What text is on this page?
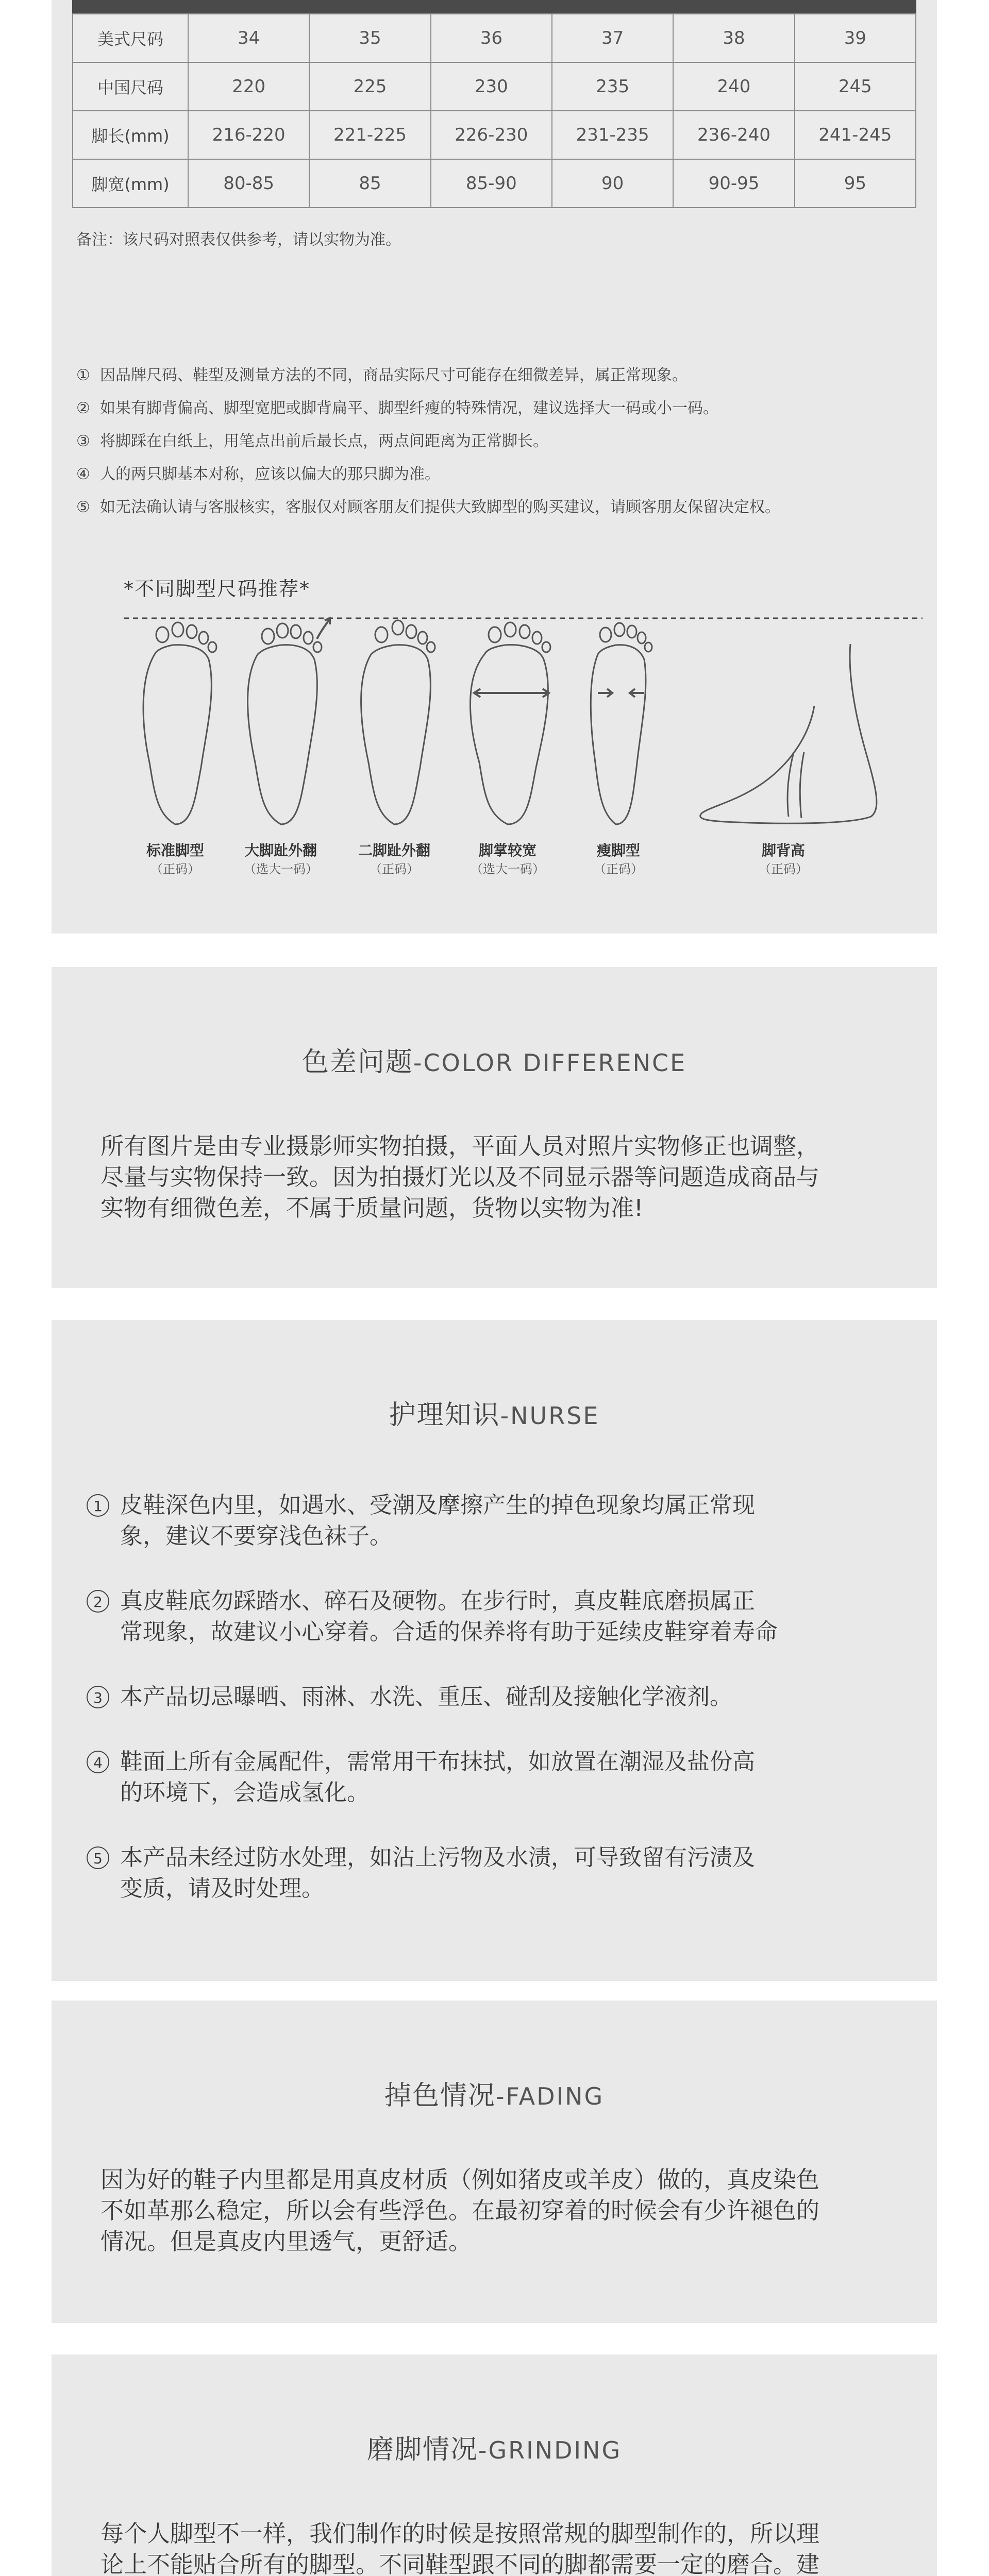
美式尺码	34	35	36	37	38	39
中国尺码	220	225	230	235	240	245
脚长(mm)	216-220	221-225	226-230	231-235	236-240	241-245
脚宽(mm)	80-85	85	85-90	90	90-95	95
备注：该尺码对照表仅供参考，请以实物为准。
① 因品牌尺码、鞋型及测量方法的不同，商品实际尺寸可能存在细微差异，属正常现象。
② 如果有脚背偏高、脚型宽肥或脚背扁平、脚型纤瘦的特殊情况，建议选择大一码或小一码。
③ 将脚踩在白纸上，用笔点出前后最长点，两点间距离为正常脚长。
④ 人的两只脚基本对称，应该以偏大的那只脚为准。
⑤ 如无法确认请与客服核实，客服仅对顾客朋友们提供大致脚型的购买建议，请顾客朋友保留决定权。
*不同脚型尺码推荐*
标准脚型
（正码）
大脚趾外翻
（选大一码）
二脚趾外翻
（正码）
脚掌较宽
（选大一码）
瘦脚型
（正码）
脚背高
（正码）
色差问题-COLOR DIFFERENCE
所有图片是由专业摄影师实物拍摄，平面人员对照片实物修正也调整，
尽量与实物保持一致。因为拍摄灯光以及不同显示器等问题造成商品与
实物有细微色差，不属于质量问题，货物以实物为准!
护理知识-NURSE
1 皮鞋深色内里，如遇水、受潮及摩擦产生的掉色现象均属正常现
象，建议不要穿浅色袜子。
2 真皮鞋底勿踩踏水、碎石及硬物。在步行时，真皮鞋底磨损属正
常现象，故建议小心穿着。合适的保养将有助于延续皮鞋穿着寿命
3 本产品切忌曝晒、雨淋、水洗、重压、碰刮及接触化学液剂。
4 鞋面上所有金属配件，需常用干布抹拭，如放置在潮湿及盐份高
的环境下，会造成氢化。
5 本产品未经过防水处理，如沾上污物及水渍，可导致留有污渍及
变质，请及时处理。
掉色情况-FADING
因为好的鞋子内里都是用真皮材质（例如猪皮或羊皮）做的，真皮染色
不如革那么稳定，所以会有些浮色。在最初穿着的时候会有少许褪色的
情况。但是真皮内里透气，更舒适。
磨脚情况-GRINDING
每个人脚型不一样，我们制作的时候是按照常规的脚型制作的，所以理
论上不能贴合所有的脚型。不同鞋型跟不同的脚都需要一定的磨合。建
